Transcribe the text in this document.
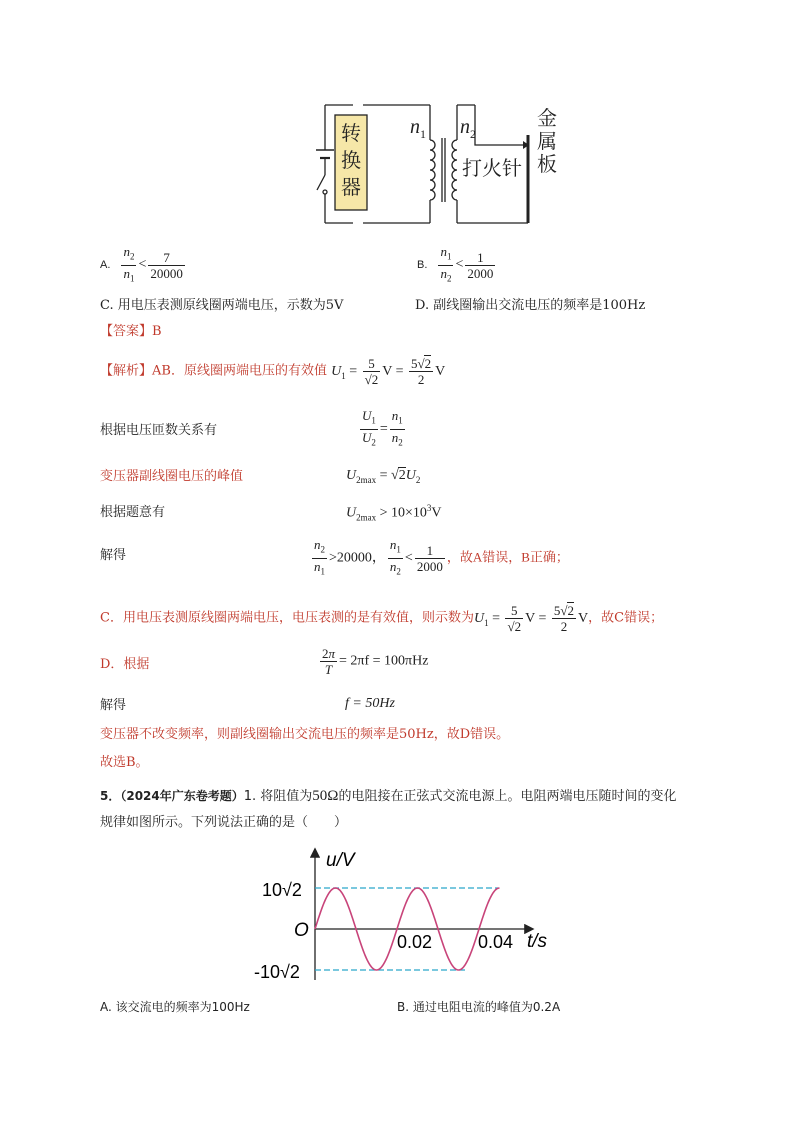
转
换
器
$n_1$ $n_2$
打火针
金
属
板
A. $\frac{n_2}{n_1} < \frac{7}{20000}$	B. $\frac{n_1}{n_2} < \frac{1}{2000}$
C. 用电压表测原线圈两端电压，示数为5V	D. 副线圈输出交流电压的频率是100Hz
【答案】B
【解析】AB．原线圈两端电压的有效值 $U_1 = \frac{5}{√2}$ $V = \frac{5√2}{2}$ V
根据电压匝数关系有	$\frac{U_1}{U_2} = \frac{n_1}{n_2}$
变压器副线圈电压的峰值	$U_{2max} = √2U_2$
根据题意有	$U_{2max} > 10\times 10^3V$
解得	$\frac{n_2}{n_1} >20000$， $\frac{n_1}{n_2} < \frac{1}{2000}$ ，故A错误，B正确；
C．用电压表测原线圈两端电压，电压表测的是有效值，则示数为$U_1 = \frac{5}{√2}$ $V = \frac{5√2}{2}$ V，故C错误；
D．根据	$\frac{2\pi}{T} = 2\pi f = 100\pi Hz$
解得	f = 50Hz
变压器不改变频率，则副线圈输出交流电压的频率是50Hz，故D错误。
故选B。
5．（2024年广东卷考题）1. 将阻值为50Ω的电阻接在正弦式交流电源上。电阻两端电压随时间的变化
规律如图所示。下列说法正确的是（　　）
u/V
t/s
O
10√2
-10√2
0.02	0.04
A. 该交流电的频率为100Hz	B. 通过电阻电流的峰值为0.2A
